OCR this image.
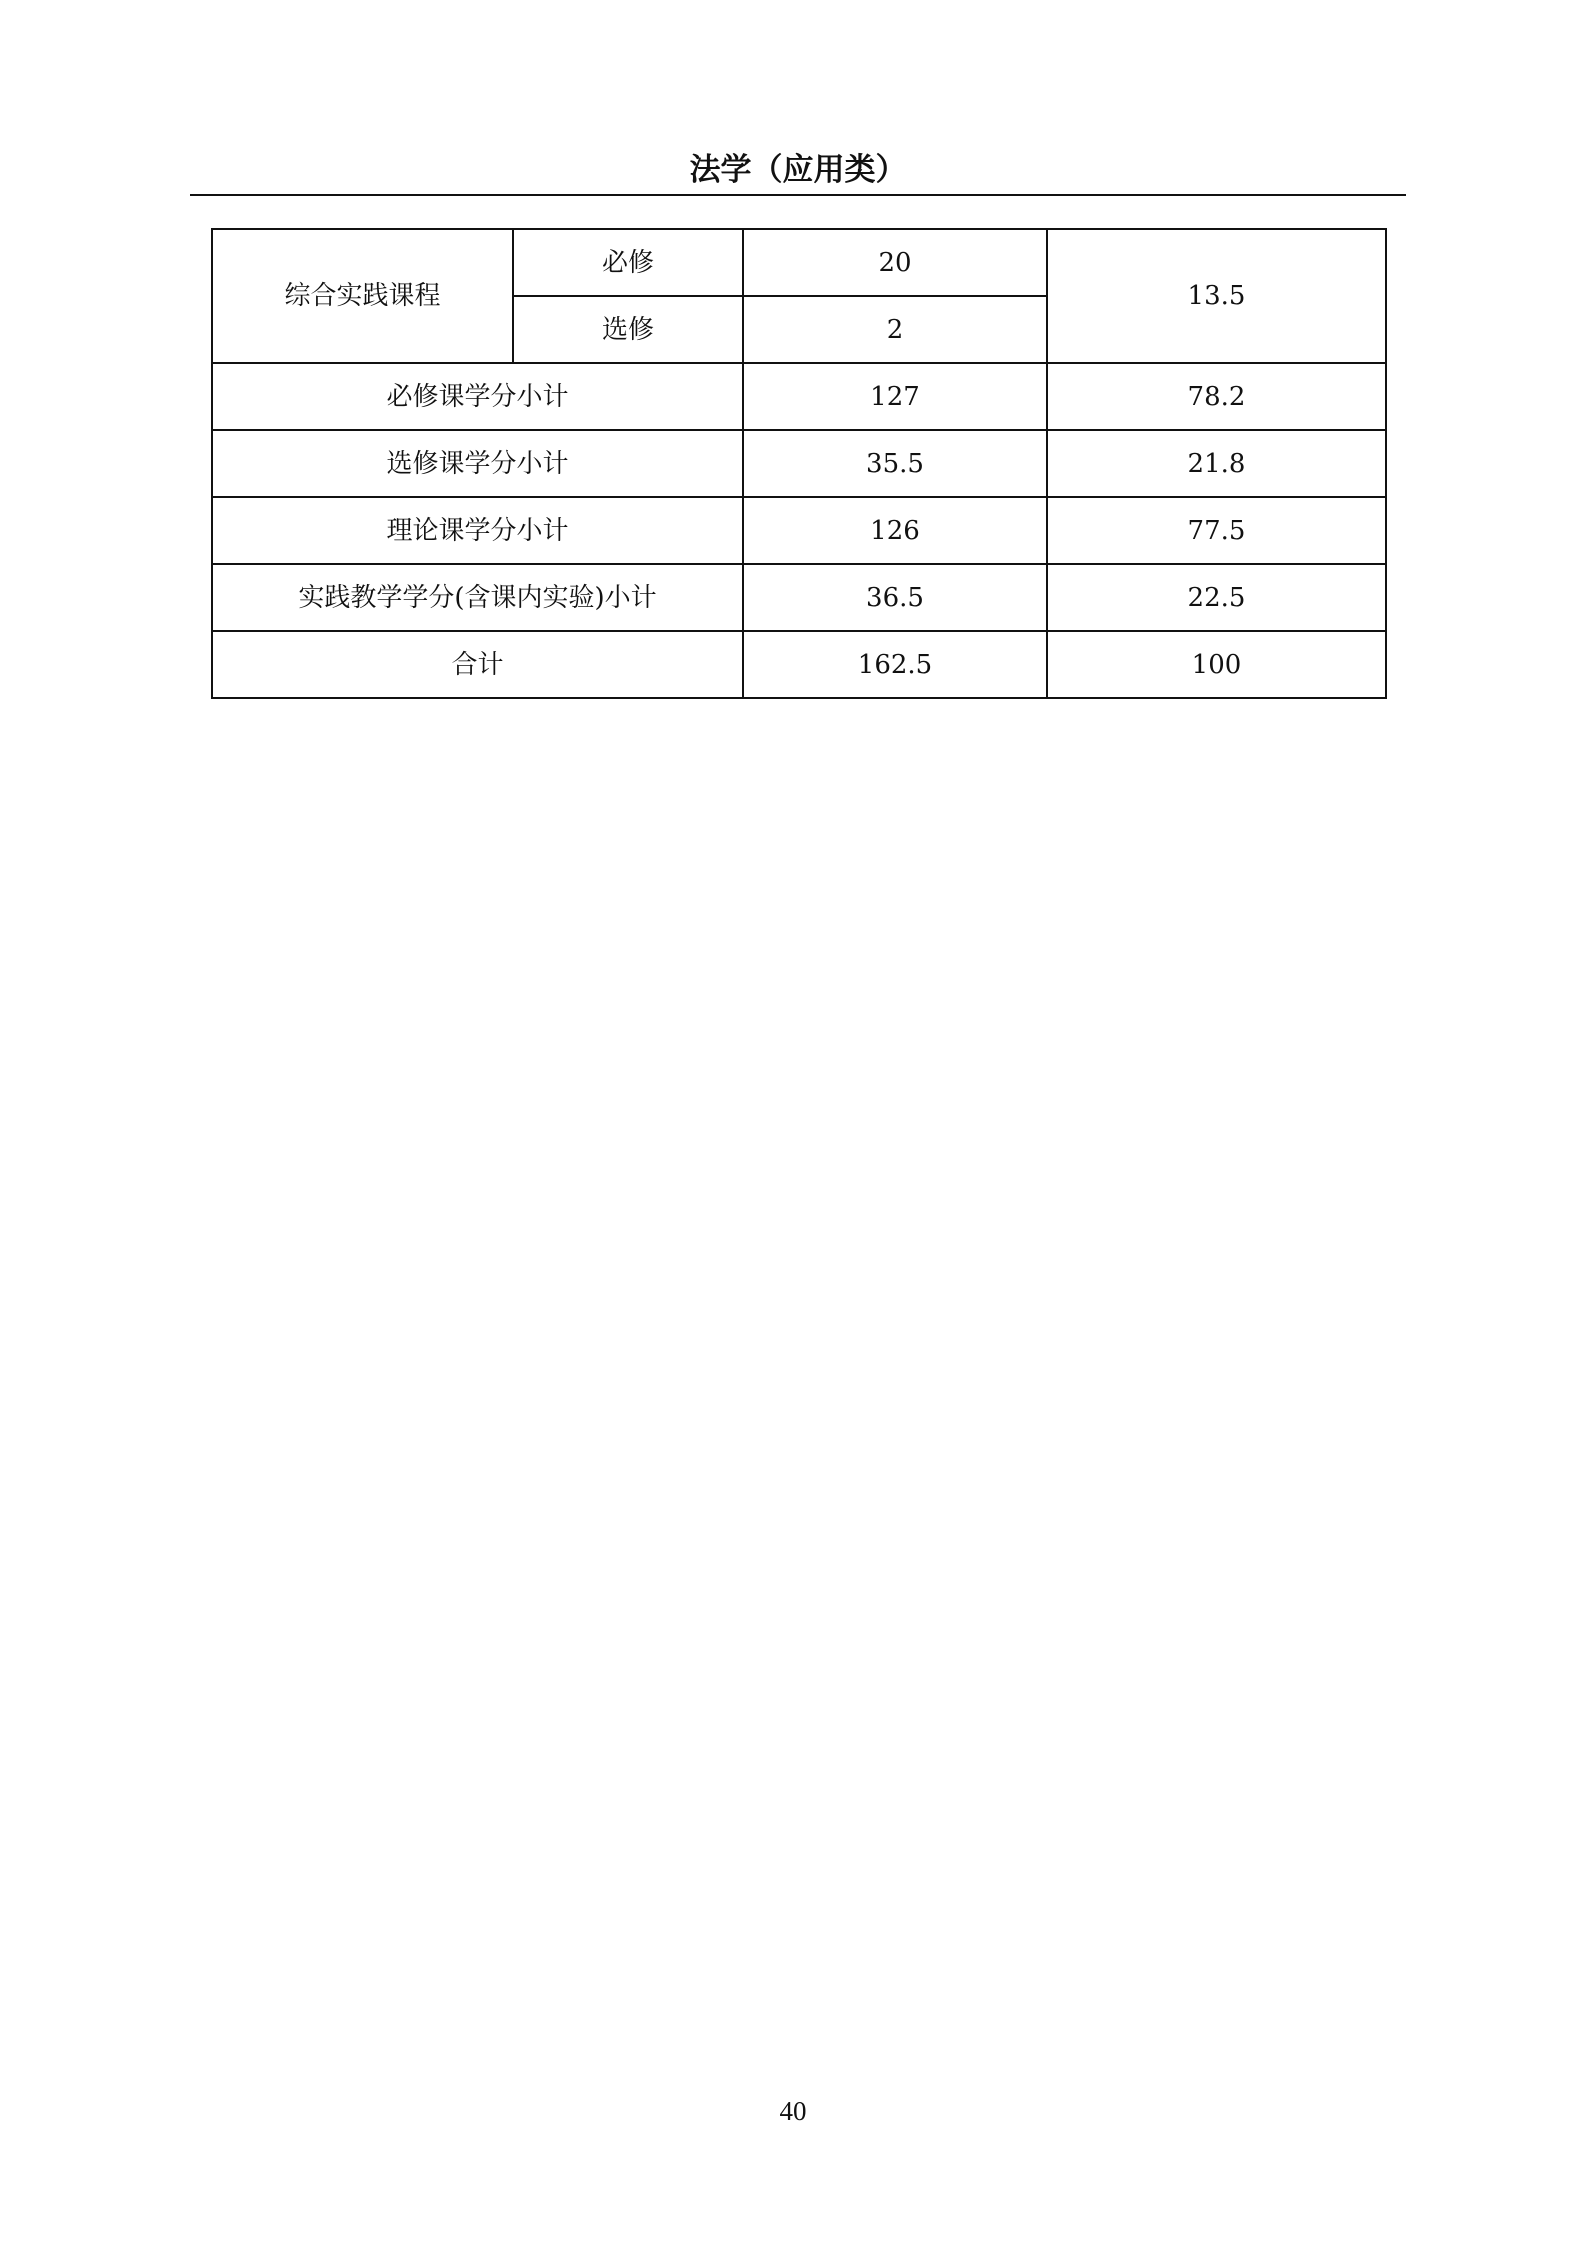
法学（应用类）
综合实践课程	必修	20	13.5
	选修	2	
必修课学分小计		127	78.2
选修课学分小计		35.5	21.8
理论课学分小计		126	77.5
实践教学学分(含课内实验)小计		36.5	22.5
合计		162.5	100
40
